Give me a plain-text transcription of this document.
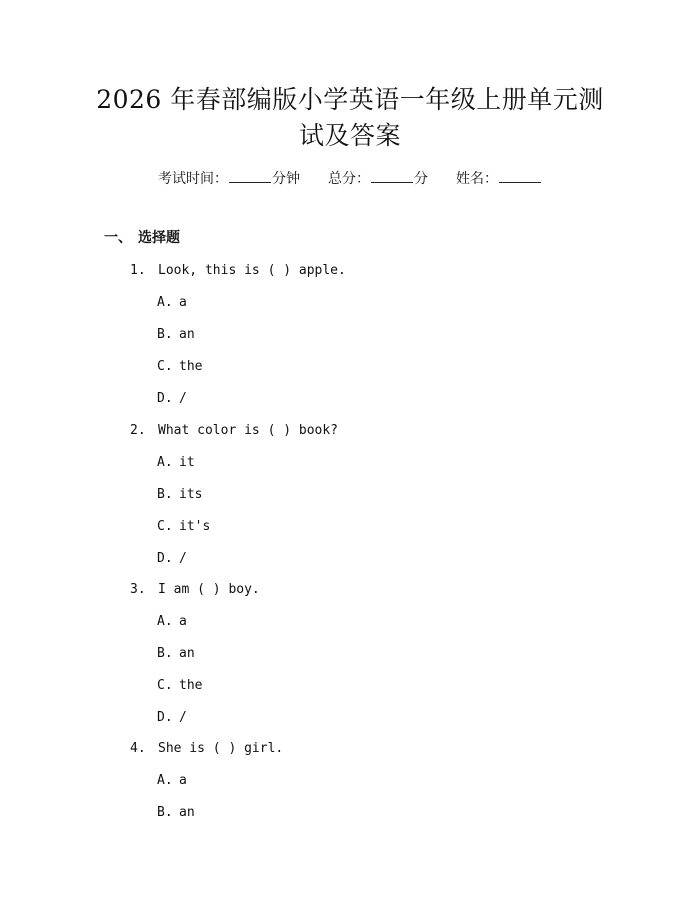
2026 年春部编版小学英语一年级上册单元测
试及答案
考试时间：	分钟 总分：	分 姓名：
一、 选择题
1. Look, this is ( ) apple.
A. a
B. an
C. the
D. /
2. What color is ( ) book?
A. it
B. its
C. it's
D. /
3. I am ( ) boy.
A. a
B. an
C. the
D. /
4. She is ( ) girl.
A. a
B. an
